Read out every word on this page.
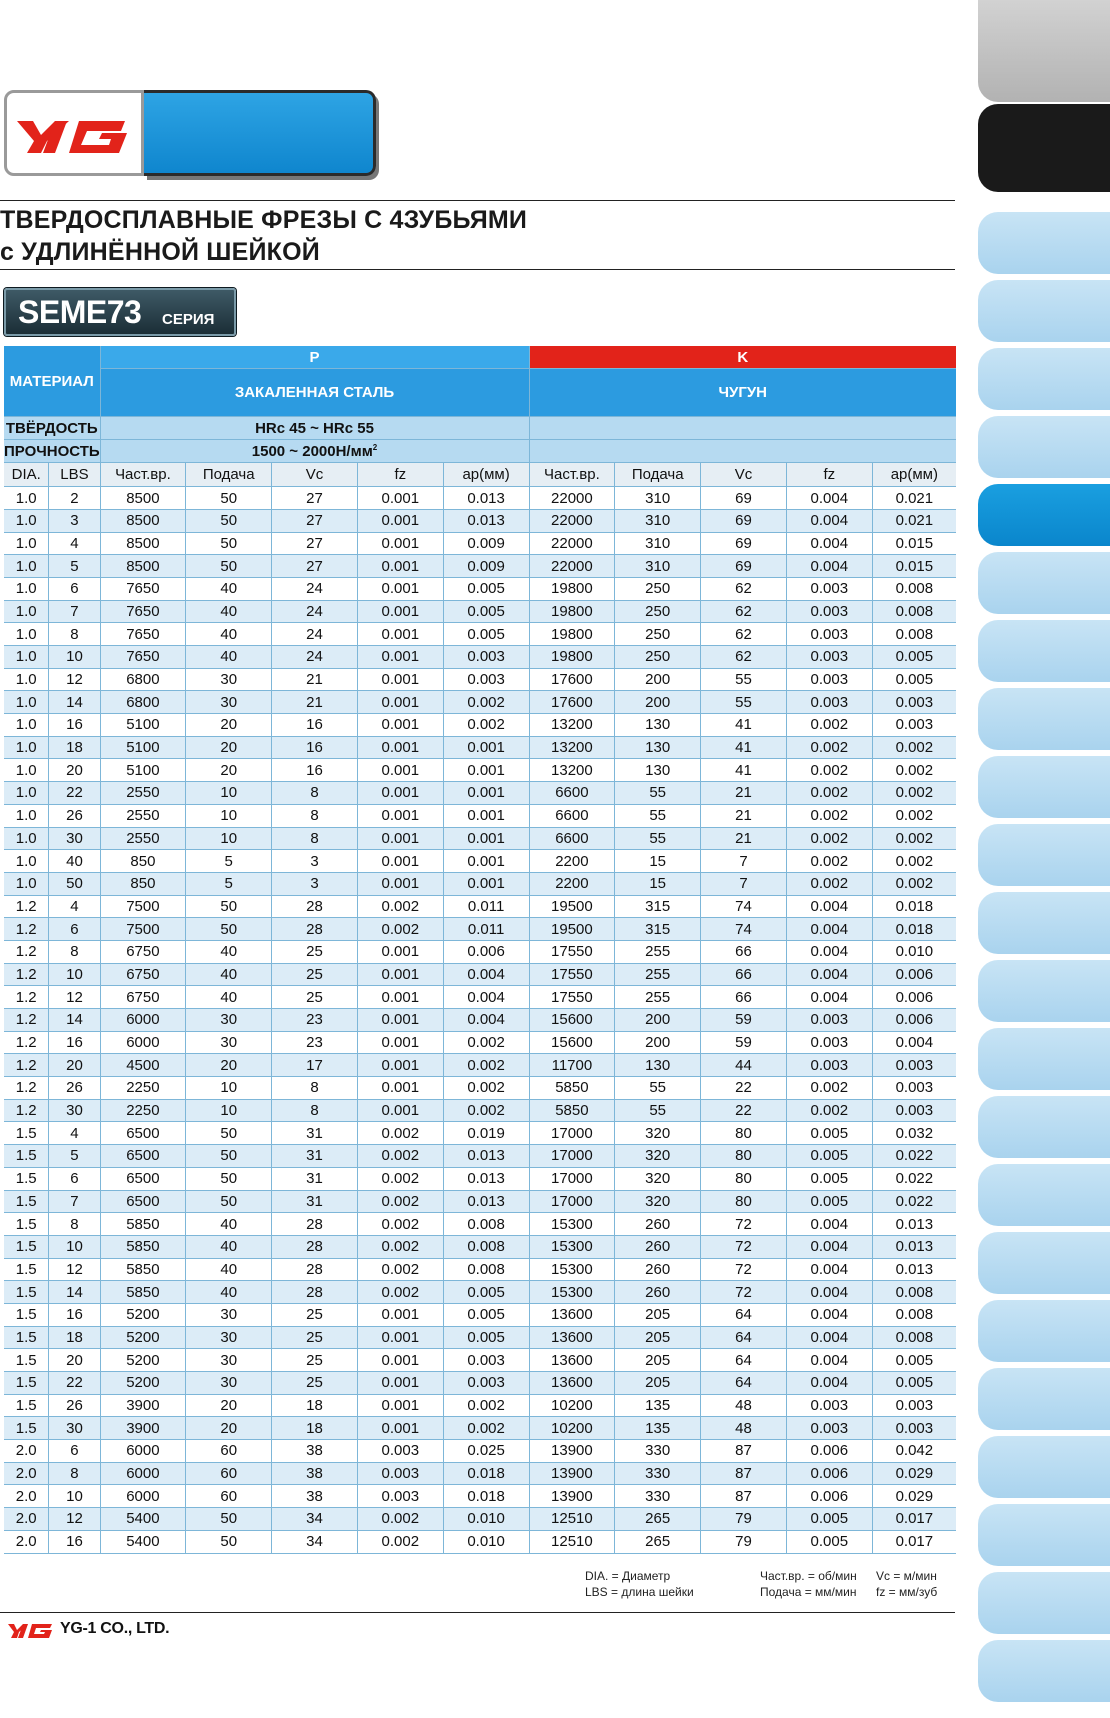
ТВЕРДОСПЛАВНЫЕ ФРЕЗЫ С 4ЗУБЬЯМИ
с УДЛИНЁННОЙ ШЕЙКОЙ
SEME73 СЕРИЯ
МАТЕРИАЛ		P					K				
		ЗАКАЛЕННАЯ СТАЛЬ					ЧУГУН				
ТВЁРДОСТЬ		HRc 45 ~ HRc 55									
ПРОЧНОСТЬ		1500 ~ $2000Н/мм^2$	
DIA.	LBS	Част.вр.	Подача	Vc	fz	ap(мм)	Част.вр.	Подача	Vc	fz	ap(мм)
1.0	2	8500	50	27	0.001	0.013	22000	310	69	0.004	0.021
1.0	3	8500	50	27	0.001	0.013	22000	310	69	0.004	0.021
1.0	4	8500	50	27	0.001	0.009	22000	310	69	0.004	0.015
1.0	5	8500	50	27	0.001	0.009	22000	310	69	0.004	0.015
1.0	6	7650	40	24	0.001	0.005	19800	250	62	0.003	0.008
1.0	7	7650	40	24	0.001	0.005	19800	250	62	0.003	0.008
1.0	8	7650	40	24	0.001	0.005	19800	250	62	0.003	0.008
1.0	10	7650	40	24	0.001	0.003	19800	250	62	0.003	0.005
1.0	12	6800	30	21	0.001	0.003	17600	200	55	0.003	0.005
1.0	14	6800	30	21	0.001	0.002	17600	200	55	0.003	0.003
1.0	16	5100	20	16	0.001	0.002	13200	130	41	0.002	0.003
1.0	18	5100	20	16	0.001	0.001	13200	130	41	0.002	0.002
1.0	20	5100	20	16	0.001	0.001	13200	130	41	0.002	0.002
1.0	22	2550	10	8	0.001	0.001	6600	55	21	0.002	0.002
1.0	26	2550	10	8	0.001	0.001	6600	55	21	0.002	0.002
1.0	30	2550	10	8	0.001	0.001	6600	55	21	0.002	0.002
1.0	40	850	5	3	0.001	0.001	2200	15	7	0.002	0.002
1.0	50	850	5	3	0.001	0.001	2200	15	7	0.002	0.002
1.2	4	7500	50	28	0.002	0.011	19500	315	74	0.004	0.018
1.2	6	7500	50	28	0.002	0.011	19500	315	74	0.004	0.018
1.2	8	6750	40	25	0.001	0.006	17550	255	66	0.004	0.010
1.2	10	6750	40	25	0.001	0.004	17550	255	66	0.004	0.006
1.2	12	6750	40	25	0.001	0.004	17550	255	66	0.004	0.006
1.2	14	6000	30	23	0.001	0.004	15600	200	59	0.003	0.006
1.2	16	6000	30	23	0.001	0.002	15600	200	59	0.003	0.004
1.2	20	4500	20	17	0.001	0.002	11700	130	44	0.003	0.003
1.2	26	2250	10	8	0.001	0.002	5850	55	22	0.002	0.003
1.2	30	2250	10	8	0.001	0.002	5850	55	22	0.002	0.003
1.5	4	6500	50	31	0.002	0.019	17000	320	80	0.005	0.032
1.5	5	6500	50	31	0.002	0.013	17000	320	80	0.005	0.022
1.5	6	6500	50	31	0.002	0.013	17000	320	80	0.005	0.022
1.5	7	6500	50	31	0.002	0.013	17000	320	80	0.005	0.022
1.5	8	5850	40	28	0.002	0.008	15300	260	72	0.004	0.013
1.5	10	5850	40	28	0.002	0.008	15300	260	72	0.004	0.013
1.5	12	5850	40	28	0.002	0.008	15300	260	72	0.004	0.013
1.5	14	5850	40	28	0.002	0.005	15300	260	72	0.004	0.008
1.5	16	5200	30	25	0.001	0.005	13600	205	64	0.004	0.008
1.5	18	5200	30	25	0.001	0.005	13600	205	64	0.004	0.008
1.5	20	5200	30	25	0.001	0.003	13600	205	64	0.004	0.005
1.5	22	5200	30	25	0.001	0.003	13600	205	64	0.004	0.005
1.5	26	3900	20	18	0.001	0.002	10200	135	48	0.003	0.003
1.5	30	3900	20	18	0.001	0.002	10200	135	48	0.003	0.003
2.0	6	6000	60	38	0.003	0.025	13900	330	87	0.006	0.042
2.0	8	6000	60	38	0.003	0.018	13900	330	87	0.006	0.029
2.0	10	6000	60	38	0.003	0.018	13900	330	87	0.006	0.029
2.0	12	5400	50	34	0.002	0.010	12510	265	79	0.005	0.017
2.0	16	5400	50	34	0.002	0.010	12510	265	79	0.005	0.017
DIA. = Диаметр
LBS = длина шейки
Част.вр. = об/мин
Подача = мм/мин
Vc = м/мин
fz = мм/зуб
YG-1 CO., LTD.
